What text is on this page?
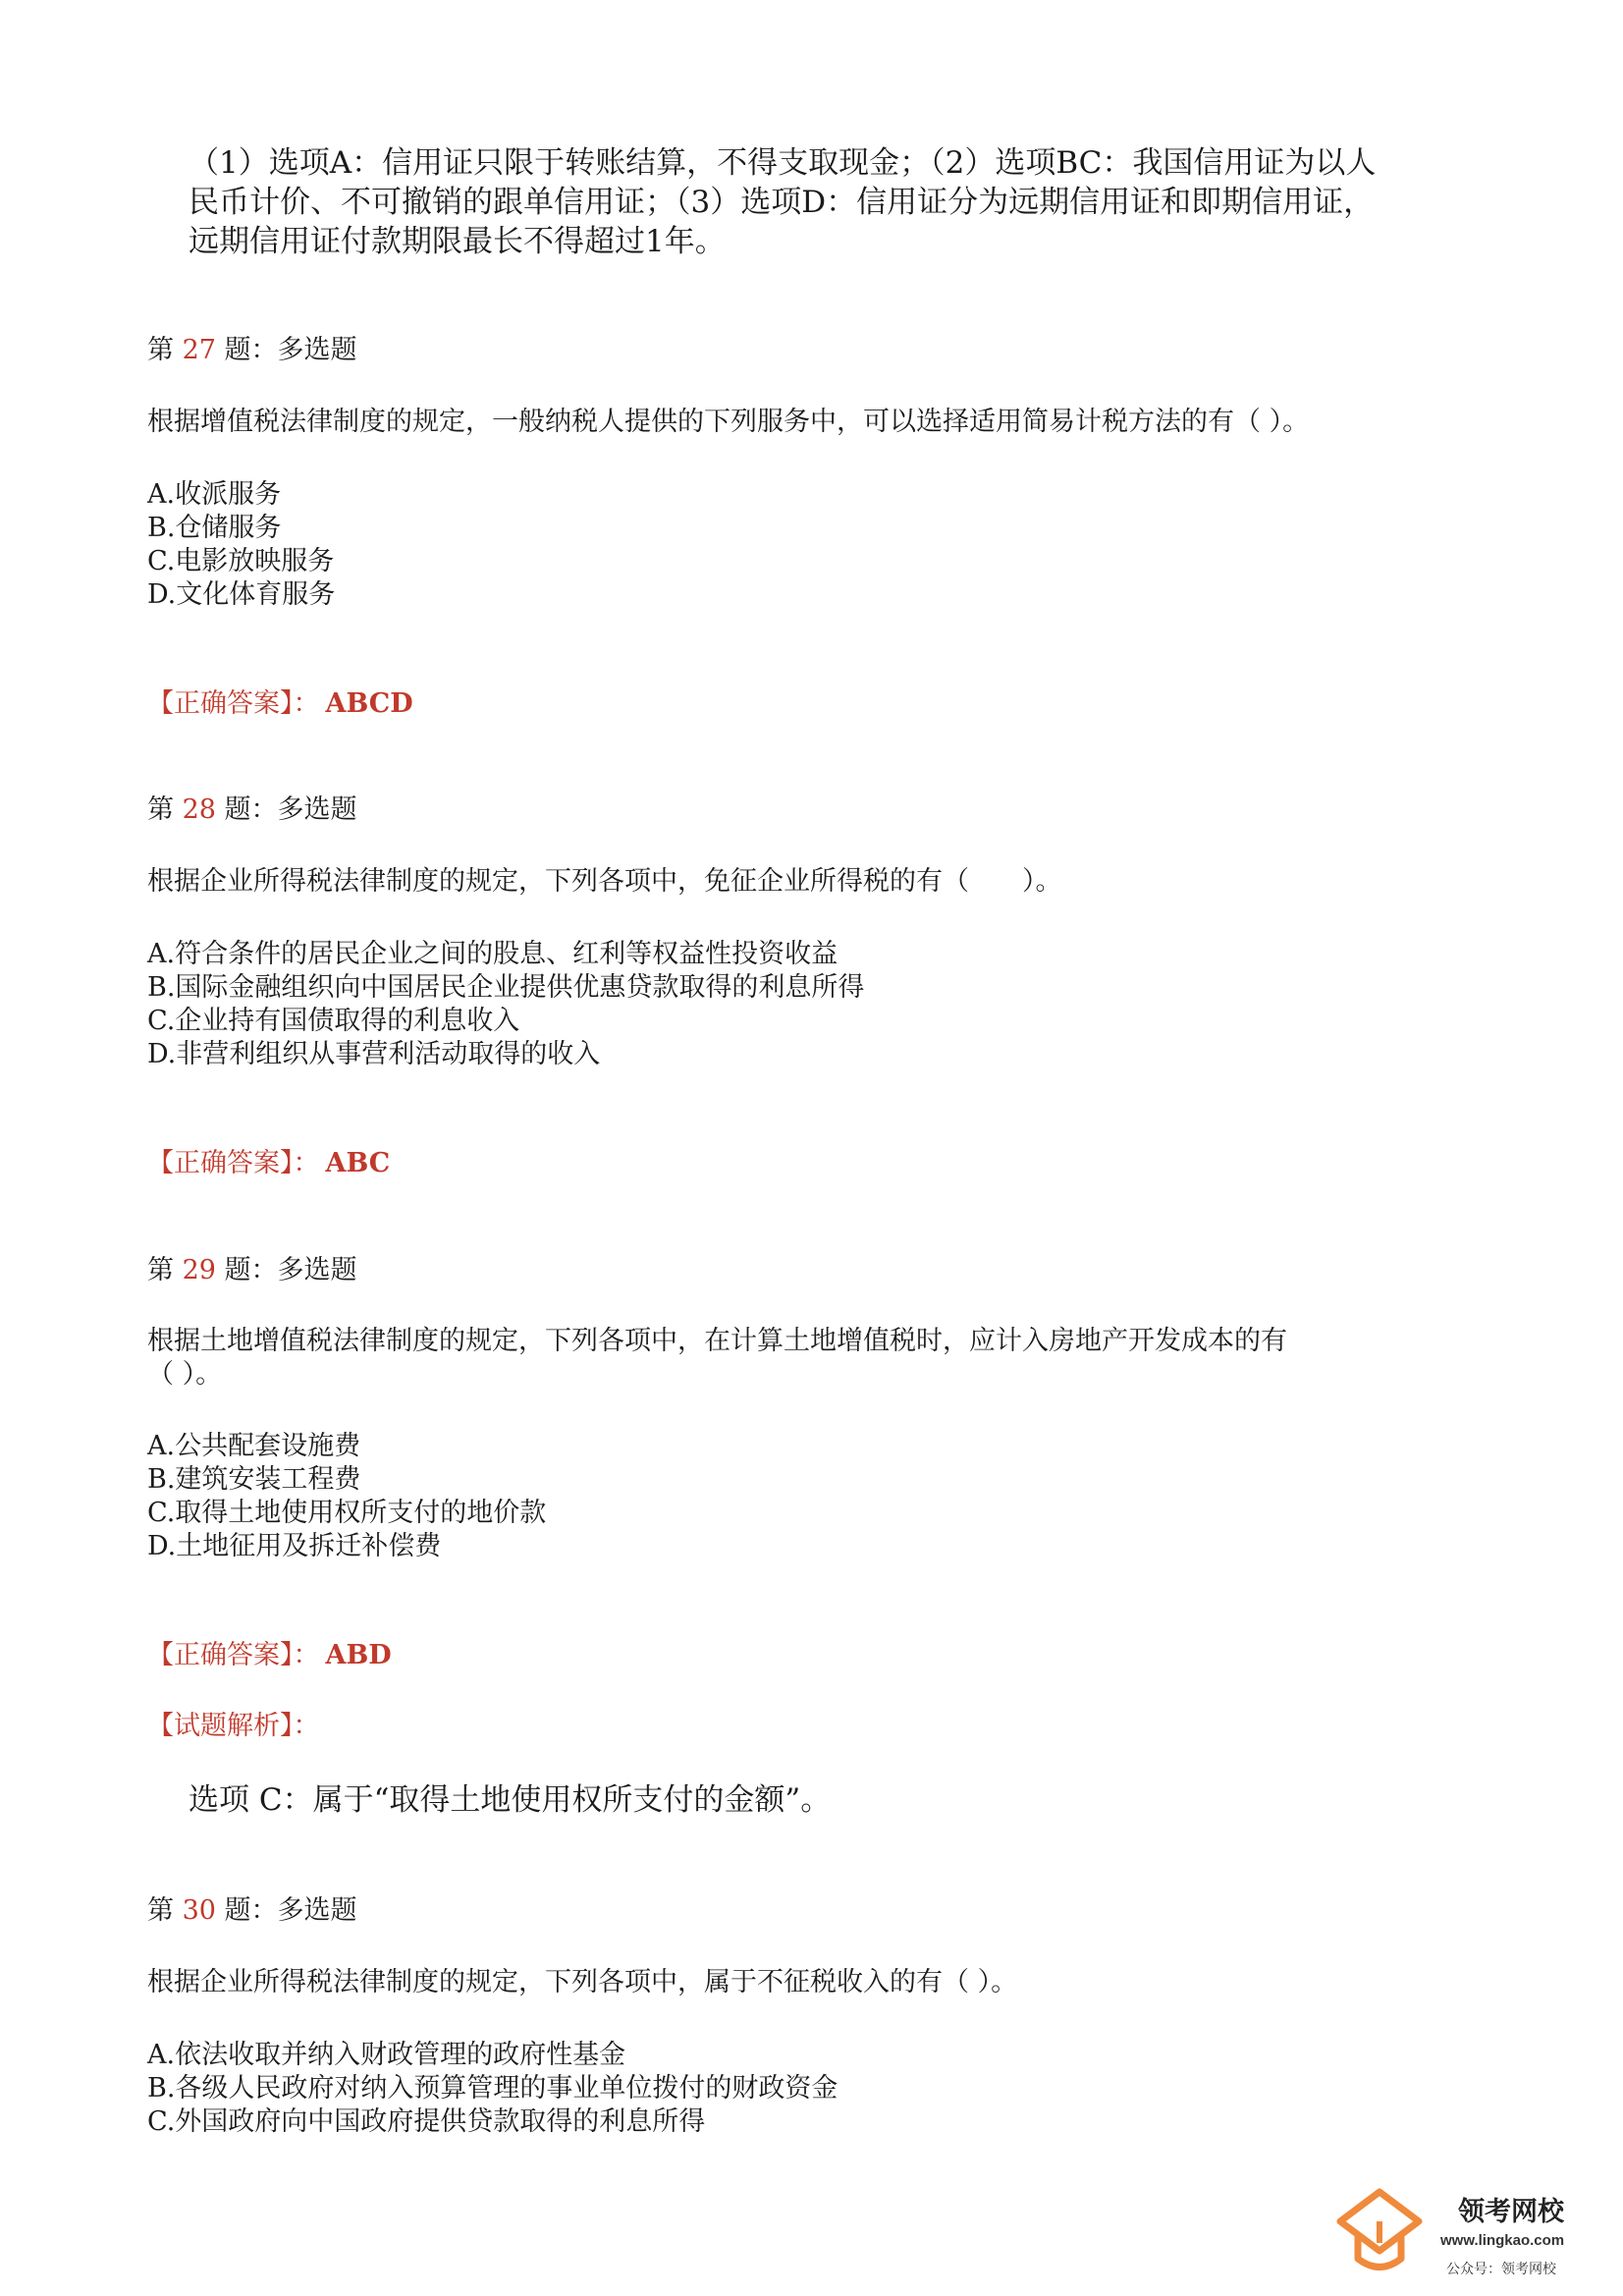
（1）选项A：信用证只限于转账结算，不得支取现金；（2）选项BC：我国信用证为以人
民币计价、不可撤销的跟单信用证；（3）选项D：信用证分为远期信用证和即期信用证，
远期信用证付款期限最长不得超过1年。
第 27 题：多选题
根据增值税法律制度的规定，一般纳税人提供的下列服务中，可以选择适用简易计税方法的有（ ）。
A.收派服务
B.仓储服务
C.电影放映服务
D.文化体育服务
【正确答案】： ABCD
第 28 题：多选题
根据企业所得税法律制度的规定，下列各项中，免征企业所得税的有（　　）。
A.符合条件的居民企业之间的股息、红利等权益性投资收益
B.国际金融组织向中国居民企业提供优惠贷款取得的利息所得
C.企业持有国债取得的利息收入
D.非营利组织从事营利活动取得的收入
【正确答案】： ABC
第 29 题：多选题
根据土地增值税法律制度的规定，下列各项中，在计算土地增值税时，应计入房地产开发成本的有
（ ）。
A.公共配套设施费
B.建筑安装工程费
C.取得土地使用权所支付的地价款
D.土地征用及拆迁补偿费
【正确答案】： ABD
【试题解析】：
选项 C：属于“取得土地使用权所支付的金额”。
第 30 题：多选题
根据企业所得税法律制度的规定，下列各项中，属于不征税收入的有（ ）。
A.依法收取并纳入财政管理的政府性基金
B.各级人民政府对纳入预算管理的事业单位拨付的财政资金
C.外国政府向中国政府提供贷款取得的利息所得
领考网校
www.lingkao.com
公众号：领考网校
